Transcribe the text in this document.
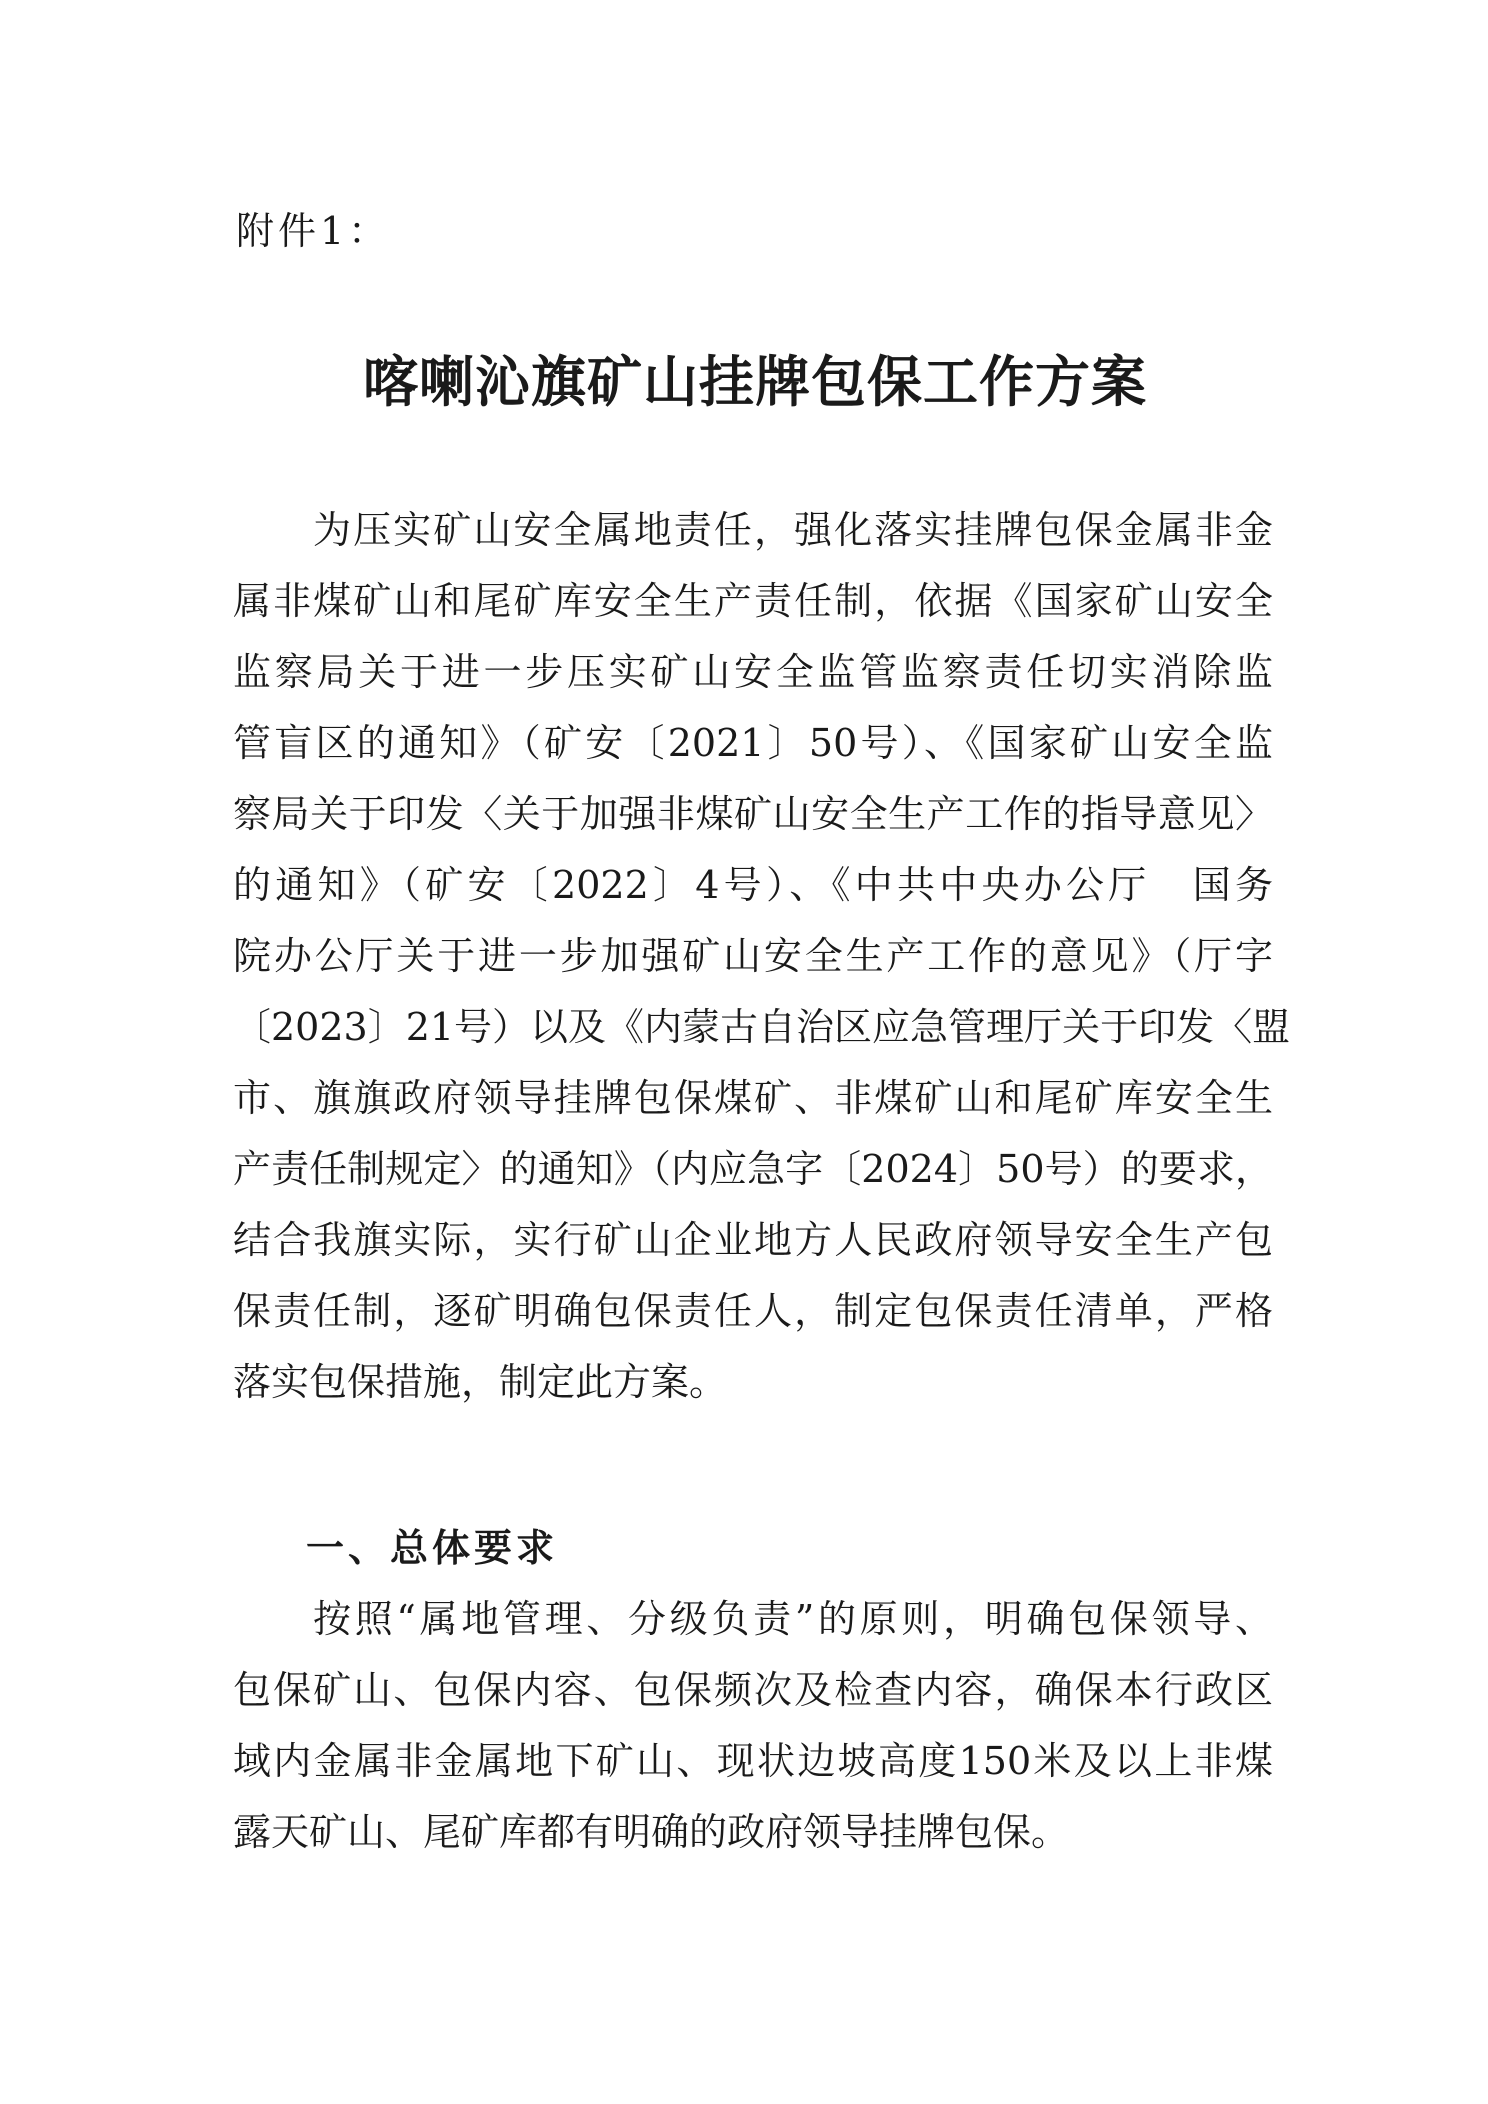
附件1：
喀喇沁旗矿山挂牌包保工作方案

为压实矿山安全属地责任，强化落实挂牌包保金属非金

属非煤矿山和尾矿库安全生产责任制，依据《国家矿山安全

监察局关于进一步压实矿山安全监管监察责任切实消除监

管盲区的通知》（矿安〔2021〕50号）、《国家矿山安全监

察局关于印发〈关于加强非煤矿山安全生产工作的指导意见〉

的通知》（矿安〔2022〕4号）、《中共中央办公厅　国务

院办公厅关于进一步加强矿山安全生产工作的意见》（厅字

〔2023〕21号）以及《内蒙古自治区应急管理厅关于印发〈盟

市、旗旗政府领导挂牌包保煤矿、非煤矿山和尾矿库安全生

产责任制规定〉的通知》（内应急字〔2024〕50号）的要求，

结合我旗实际，实行矿山企业地方人民政府领导安全生产包

保责任制，逐矿明确包保责任人，制定包保责任清单，严格

落实包保措施，制定此方案。

一、总体要求

按照“属地管理、分级负责”的原则，明确包保领导、

包保矿山、包保内容、包保频次及检查内容，确保本行政区

域内金属非金属地下矿山、现状边坡高度150米及以上非煤

露天矿山、尾矿库都有明确的政府领导挂牌包保。
